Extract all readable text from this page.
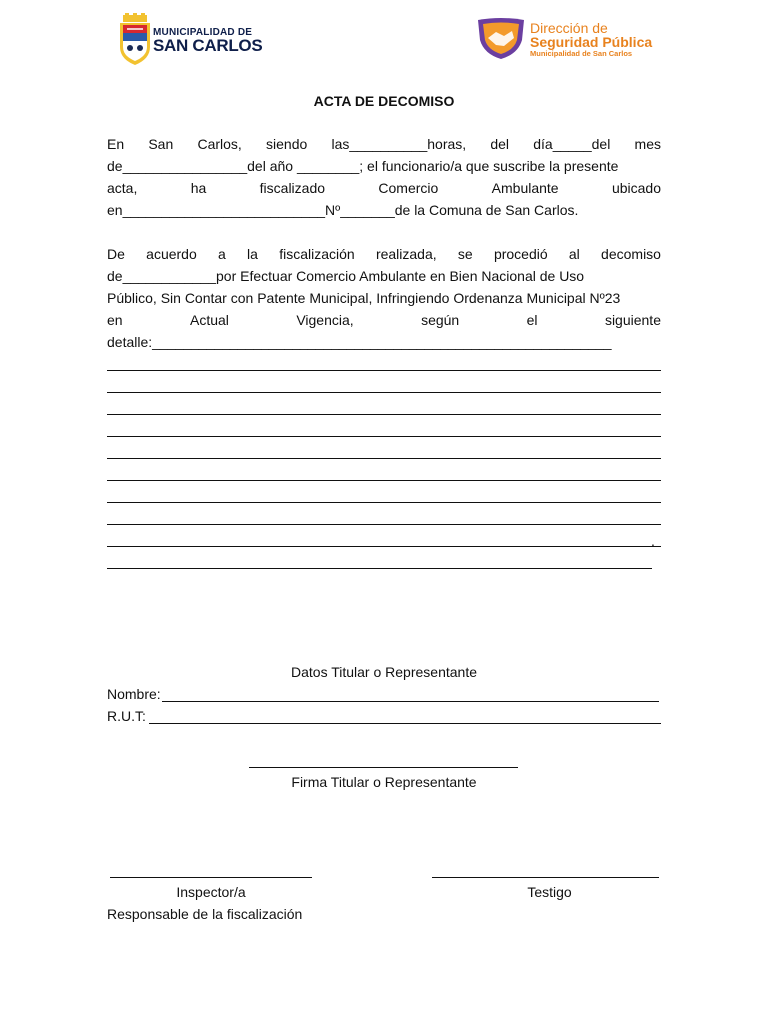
MUNICIPALIDAD DE
SAN CARLOS
Dirección de
Seguridad Pública
Municipalidad de San Carlos
ACTA DE DECOMISO
En San Carlos, siendo las__________horas, del día_____del mes
de________________del año ________; el funcionario/a que suscribe la presente
acta,	ha	fiscalizado	Comercio	Ambulante	ubicado
en__________________________Nº_______de la Comuna de San Carlos.
De acuerdo a la fiscalización realizada, se procedió al decomiso
de____________por Efectuar Comercio Ambulante en Bien Nacional de Uso
Público, Sin Contar con Patente Municipal, Infringiendo Ordenanza Municipal Nº23
en	Actual	Vigencia,	según	el	siguiente
detalle:___________________________________________________________
.
Datos Titular o Representante
Nombre:
R.U.T:
Firma Titular o Representante
Inspector/a	Testigo
Responsable de la fiscalización
